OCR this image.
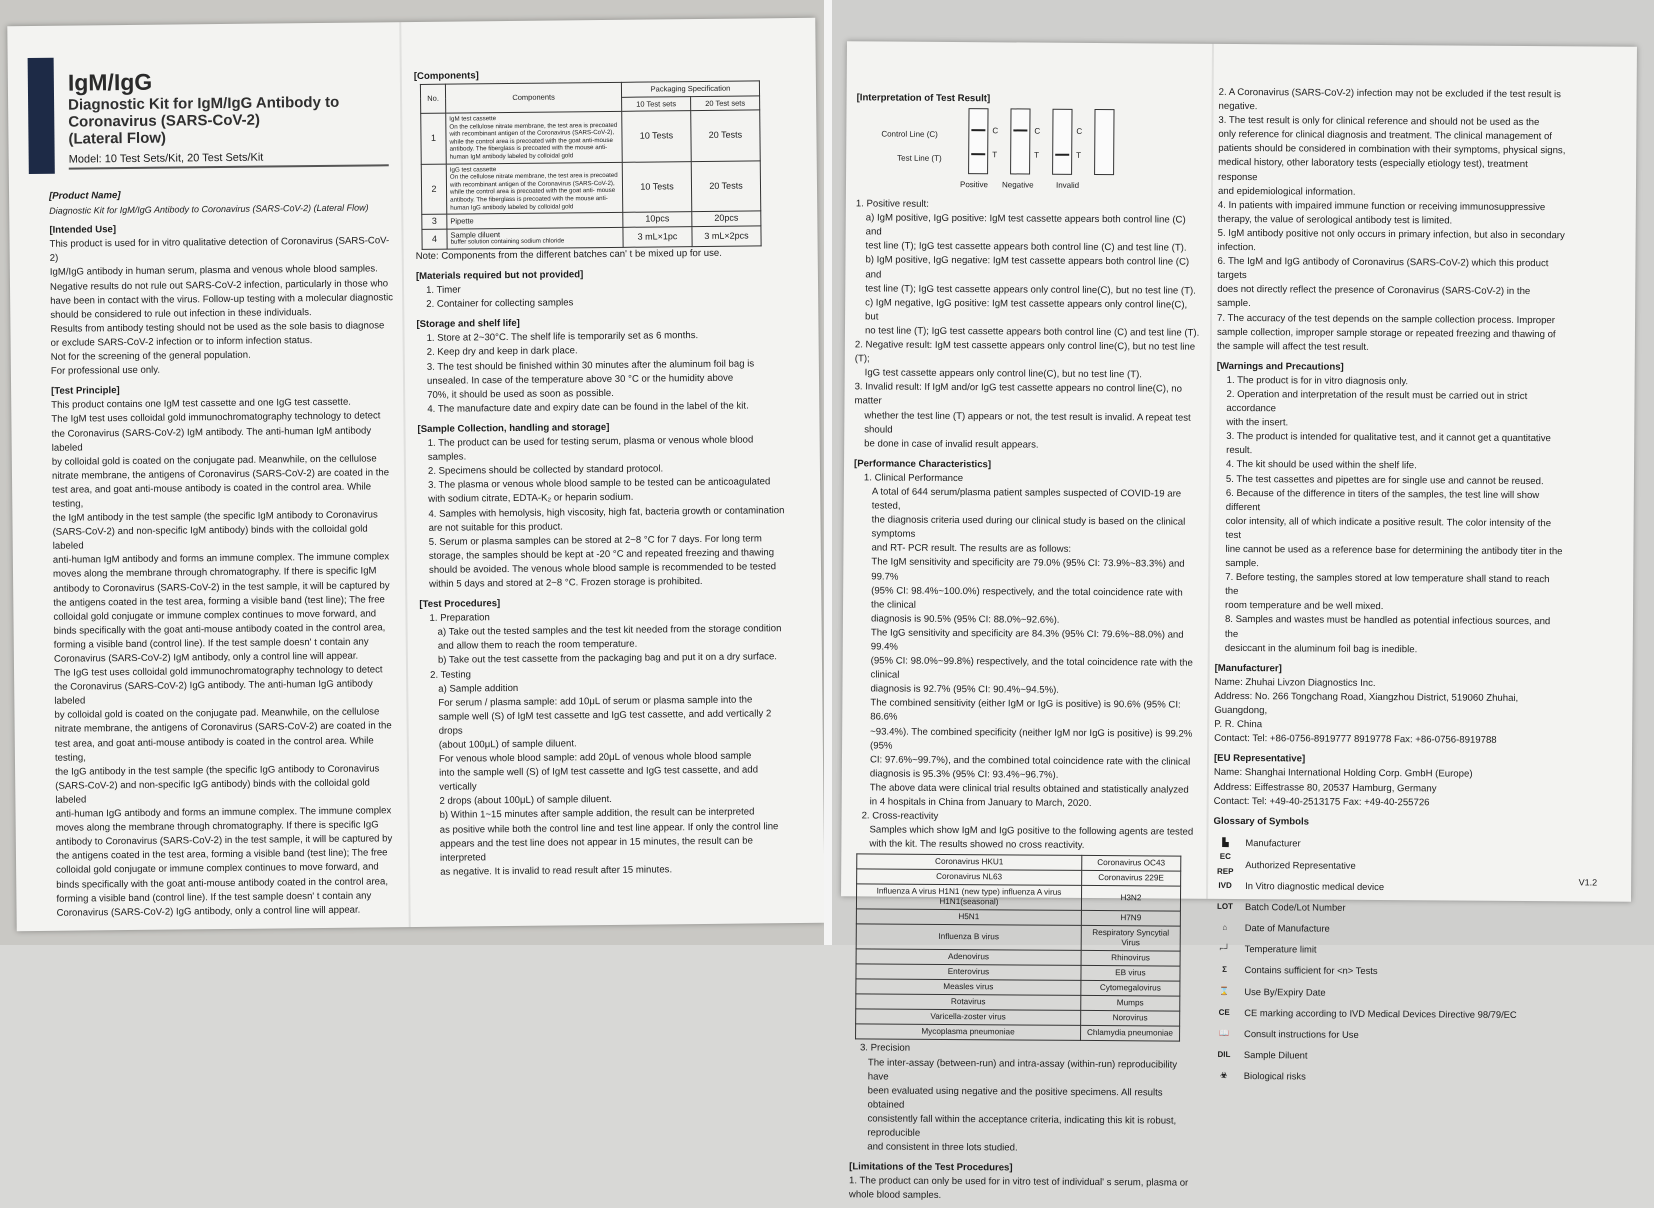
IgM/IgG
Diagnostic Kit for IgM/IgG Antibody to
Coronavirus (SARS-CoV-2)
(Lateral Flow)
Model: 10 Test Sets/Kit, 20 Test Sets/Kit

[Product Name]

Diagnostic Kit for IgM/IgG Antibody to Coronavirus (SARS-CoV-2) (Lateral Flow)

[Intended Use]

This product is used for in vitro qualitative detection of Coronavirus (SARS-CoV-2)

IgM/IgG antibody in human serum, plasma and venous whole blood samples.

Negative results do not rule out SARS-CoV-2 infection, particularly in those who

have been in contact with the virus. Follow-up testing with a molecular diagnostic

should be considered to rule out infection in these individuals.

Results from antibody testing should not be used as the sole basis to diagnose

or exclude SARS-CoV-2 infection or to inform infection status.

Not for the screening of the general population.

For professional use only.

[Test Principle]

This product contains one IgM test cassette and one IgG test cassette.

The IgM test uses colloidal gold immunochromatography technology to detect

the Coronavirus (SARS-CoV-2) IgM antibody. The anti-human IgM antibody labeled

by colloidal gold is coated on the conjugate pad. Meanwhile, on the cellulose

nitrate membrane, the antigens of Coronavirus (SARS-CoV-2) are coated in the

test area, and goat anti-mouse antibody is coated in the control area. While testing,

the IgM antibody in the test sample (the specific IgM antibody to Coronavirus

(SARS-CoV-2) and non-specific IgM antibody) binds with the colloidal gold labeled

anti-human IgM antibody and forms an immune complex. The immune complex

moves along the membrane through chromatography. If there is specific IgM

antibody to Coronavirus (SARS-CoV-2) in the test sample, it will be captured by

the antigens coated in the test area, forming a visible band (test line); The free

colloidal gold conjugate or immune complex continues to move forward, and

binds specifically with the goat anti-mouse antibody coated in the control area,

forming a visible band (control line). If the test sample doesn' t contain any

Coronavirus (SARS-CoV-2) IgM antibody, only a control line will appear.

The IgG test uses colloidal gold immunochromatography technology to detect

the Coronavirus (SARS-CoV-2) IgG antibody. The anti-human IgG antibody labeled

by colloidal gold is coated on the conjugate pad. Meanwhile, on the cellulose

nitrate membrane, the antigens of Coronavirus (SARS-CoV-2) are coated in the

test area, and goat anti-mouse antibody is coated in the control area. While testing,

the IgG antibody in the test sample (the specific IgG antibody to Coronavirus

(SARS-CoV-2) and non-specific IgG antibody) binds with the colloidal gold labeled

anti-human IgG antibody and forms an immune complex. The immune complex

moves along the membrane through chromatography. If there is specific IgG

antibody to Coronavirus (SARS-CoV-2) in the test sample, it will be captured by

the antigens coated in the test area, forming a visible band (test line); The free

colloidal gold conjugate or immune complex continues to move forward, and

binds specifically with the goat anti-mouse antibody coated in the control area,

forming a visible band (control line). If the test sample doesn' t contain any

Coronavirus (SARS-CoV-2) IgG antibody, only a control line will appear.

[Components]

No.	Components	Packaging Specification	
		10 Test sets	20 Test sets
1	IgM test cassette
On the cellulose nitrate membrane, the test area is precoated with recombinant antigen of the Coronavirus (SARS-CoV-2), while the control area is precoated with the goat anti-mouse antibody. The fiberglass is precoated with the mouse anti-human IgM antibody labeled by colloidal gold	10 Tests	20 Tests
2	IgG test cassette
On the cellulose nitrate membrane, the test area is precoated with recombinant antigen of the Coronavirus (SARS-CoV-2), while the control area is precoated with the goat anti- mouse antibody. The fiberglass is precoated with the mouse anti-human IgG antibody labeled by colloidal gold	10 Tests	20 Tests
3	Pipette	10pcs	20pcs
4	Sample diluent
buffer solution containing sodium chloride	3 mL×1pc	3 mL×2pcs

Note: Components from the different batches can' t be mixed up for use.

[Materials required but not provided]

1. Timer

2. Container for collecting samples

[Storage and shelf life]

1. Store at 2~30°C. The shelf life is temporarily set as 6 months.

2. Keep dry and keep in dark place.

3. The test should be finished within 30 minutes after the aluminum foil bag is

unsealed. In case of the temperature above 30 °C or the humidity above

70%, it should be used as soon as possible.

4. The manufacture date and expiry date can be found in the label of the kit.

[Sample Collection, handling and storage]

1. The product can be used for testing serum, plasma or venous whole blood samples.

2. Specimens should be collected by standard protocol.

3. The plasma or venous whole blood sample to be tested can be anticoagulated

with sodium citrate, EDTA-K₂ or heparin sodium.

4. Samples with hemolysis, high viscosity, high fat, bacteria growth or contamination

are not suitable for this product.

5. Serum or plasma samples can be stored at 2~8 °C for 7 days. For long term

storage, the samples should be kept at -20 °C and repeated freezing and thawing

should be avoided. The venous whole blood sample is recommended to be tested

within 5 days and stored at 2~8 °C. Frozen storage is prohibited.

[Test Procedures]

1. Preparation

a) Take out the tested samples and the test kit needed from the storage condition

and allow them to reach the room temperature.

b) Take out the test cassette from the packaging bag and put it on a dry surface.

2. Testing

a) Sample addition

For serum / plasma sample: add 10μL of serum or plasma sample into the

sample well (S) of IgM test cassette and IgG test cassette, and add vertically 2 drops

(about 100μL) of sample diluent.

For venous whole blood sample: add 20μL of venous whole blood sample

into the sample well (S) of IgM test cassette and IgG test cassette, and add vertically

2 drops (about 100μL) of sample diluent.

b) Within 1~15 minutes after sample addition, the result can be interpreted

as positive while both the control line and test line appear. If only the control line

appears and the test line does not appear in 15 minutes, the result can be interpreted

as negative. It is invalid to read result after 15 minutes.

[Interpretation of Test Result]

Control Line (C)
Test Line (T)
C
T
C
T
C
T
Positive Negative	Invalid

1. Positive result:

a) IgM positive, IgG positive: IgM test cassette appears both control line (C) and

test line (T); IgG test cassette appears both control line (C) and test line (T).

b) IgM positive, IgG negative: IgM test cassette appears both control line (C) and

test line (T); IgG test cassette appears only control line(C), but no test line (T).

c) IgM negative, IgG positive: IgM test cassette appears only control line(C), but

no test line (T); IgG test cassette appears both control line (C) and test line (T).

2. Negative result: IgM test cassette appears only control line(C), but no test line (T);

IgG test cassette appears only control line(C), but no test line (T).

3. Invalid result: If IgM and/or IgG test cassette appears no control line(C), no matter

whether the test line (T) appears or not, the test result is invalid. A repeat test should

be done in case of invalid result appears.

[Performance Characteristics]

1. Clinical Performance

A total of 644 serum/plasma patient samples suspected of COVID-19 are tested,

the diagnosis criteria used during our clinical study is based on the clinical symptoms

and RT- PCR result. The results are as follows:

The IgM sensitivity and specificity are 79.0% (95% CI: 73.9%~83.3%) and 99.7%

(95% CI: 98.4%~100.0%) respectively, and the total coincidence rate with the clinical

diagnosis is 90.5% (95% CI: 88.0%~92.6%).

The IgG sensitivity and specificity are 84.3% (95% CI: 79.6%~88.0%) and 99.4%

(95% CI: 98.0%~99.8%) respectively, and the total coincidence rate with the clinical

diagnosis is 92.7% (95% CI: 90.4%~94.5%).

The combined sensitivity (either IgM or IgG is positive) is 90.6% (95% CI: 86.6%

~93.4%). The combined specificity (neither IgM nor IgG is positive) is 99.2% (95%

CI: 97.6%~99.7%), and the combined total coincidence rate with the clinical

diagnosis is 95.3% (95% CI: 93.4%~96.7%).

The above data were clinical trial results obtained and statistically analyzed

in 4 hospitals in China from January to March, 2020.

2. Cross-reactivity

Samples which show IgM and IgG positive to the following agents are tested

with the kit. The results showed no cross reactivity.

Coronavirus HKU1	Coronavirus OC43
Coronavirus NL63	Coronavirus 229E
Influenza A virus H1N1 (new type) influenza A virus H1N1(seasonal)	H3N2
H5N1	H7N9
Influenza B virus	Respiratory Syncytial Virus
Adenovirus	Rhinovirus
Enterovirus	EB virus
Measles virus	Cytomegalovirus
Rotavirus	Mumps
Varicella-zoster virus	Norovirus
Mycoplasma pneumoniae	Chlamydia pneumoniae

3. Precision

The inter-assay (between-run) and intra-assay (within-run) reproducibility have

been evaluated using negative and the positive specimens. All results obtained

consistently fall within the acceptance criteria, indicating this kit is robust, reproducible

and consistent in three lots studied.

[Limitations of the Test Procedures]

1. The product can only be used for in vitro test of individual' s serum, plasma or

whole blood samples.

2. A Coronavirus (SARS-CoV-2) infection may not be excluded if the test result is

negative.

3. The test result is only for clinical reference and should not be used as the

only reference for clinical diagnosis and treatment. The clinical management of

patients should be considered in combination with their symptoms, physical signs,

medical history, other laboratory tests (especially etiology test), treatment response

and epidemiological information.

4. In patients with impaired immune function or receiving immunosuppressive

therapy, the value of serological antibody test is limited.

5. IgM antibody positive not only occurs in primary infection, but also in secondary

infection.

6. The IgM and IgG antibody of Coronavirus (SARS-CoV-2) which this product targets

does not directly reflect the presence of Coronavirus (SARS-CoV-2) in the sample.

7. The accuracy of the test depends on the sample collection process. Improper

sample collection, improper sample storage or repeated freezing and thawing of

the sample will affect the test result.

[Warnings and Precautions]

1. The product is for in vitro diagnosis only.

2. Operation and interpretation of the result must be carried out in strict accordance

with the insert.

3. The product is intended for qualitative test, and it cannot get a quantitative result.

4. The kit should be used within the shelf life.

5. The test cassettes and pipettes are for single use and cannot be reused.

6. Because of the difference in titers of the samples, the test line will show different

color intensity, all of which indicate a positive result. The color intensity of the test

line cannot be used as a reference base for determining the antibody titer in the

sample.

7. Before testing, the samples stored at low temperature shall stand to reach the

room temperature and be well mixed.

8. Samples and wastes must be handled as potential infectious sources, and the

desiccant in the aluminum foil bag is inedible.

[Manufacturer]

Name: Zhuhai Livzon Diagnostics Inc.

Address: No. 266 Tongchang Road, Xiangzhou District, 519060 Zhuhai, Guangdong,

P. R. China

Contact: Tel: +86-0756-8919777 8919778 Fax: +86-0756-8919788

[EU Representative]

Name: Shanghai International Holding Corp. GmbH (Europe)

Address: Eiffestrasse 80, 20537 Hamburg, Germany

Contact: Tel: +49-40-2513175 Fax: +49-40-255726

Glossary of Symbols

▙	Manufacturer
EC REP
Authorized Representative
IVD	In Vitro diagnostic medical device
LOT	Batch Code/Lot Number
⌂	Date of Manufacture
⌐┘	Temperature limit
Σ	Contains sufficient for <n> Tests
⌛	Use By/Expiry Date
CE	CE marking according to IVD Medical Devices Directive 98/79/EC
📖	Consult instructions for Use
DIL	Sample Diluent
☣	Biological risks
V1.2
